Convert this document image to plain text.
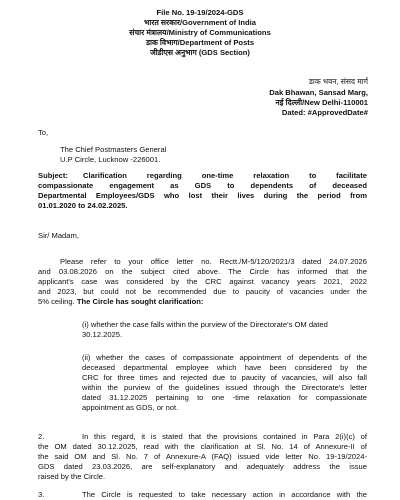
File No. 19-19/2024-GDS
भारत सरकार/Government of India
संचार मंत्रालय/Ministry of Communications
डाक विभाग/Department of Posts
जीडीएस अनुभाग (GDS Section)
डाक भवन, संसद मार्ग
Dak Bhawan, Sansad Marg,
नई दिल्ली/New Delhi-110001
Dated: #ApprovedDate#
To,
The Chief Postmasters General
U.P Circle, Lucknow -226001.
Subject: Clarification regarding one-time relaxation to facilitate
compassionate engagement as GDS to dependents of deceased
Departmental Employees/GDS who lost their lives during the period from
01.01.2020 to 24.02.2025.
Sir/ Madam,
Please refer to your office letter no. Rectt./M-5/120/2021/3 dated 24.07.2026
and 03.08.2026 on the subject cited above. The Circle has informed that the
applicant's case was considered by the CRC against vacancy years 2021, 2022
and 2023, but could not be recommended due to paucity of vacancies under the
5% ceiling. The Circle has sought clarification:
(i) whether the case falls within the purview of the Directorate's OM dated
30.12.2025.
(ii) whether the cases of compassionate appointment of dependents of the
deceased departmental employee which have been considered by the
CRC for three times and rejected due to paucity of vacancies, will also fall
within the purview of the guidelines issued through the Directorate's letter
dated 31.12.2025 pertaining to one -time relaxation for compassionate
appointment as GDS, or not.
2.	In this regard, it is stated that the provisions contained in Para 2(i)(c) of
the OM dated 30.12.2025, read with the clarification at Sl. No. 14 of Annexure-II of
the said OM and Sl. No. 7 of Annexure-A (FAQ) issued vide letter No. 19-19/2024-
GDS dated 23.03.2026, are self-explanatory and adequately address the issue
raised by the Circle.
3.	The Circle is requested to take necessary action in accordance with the
